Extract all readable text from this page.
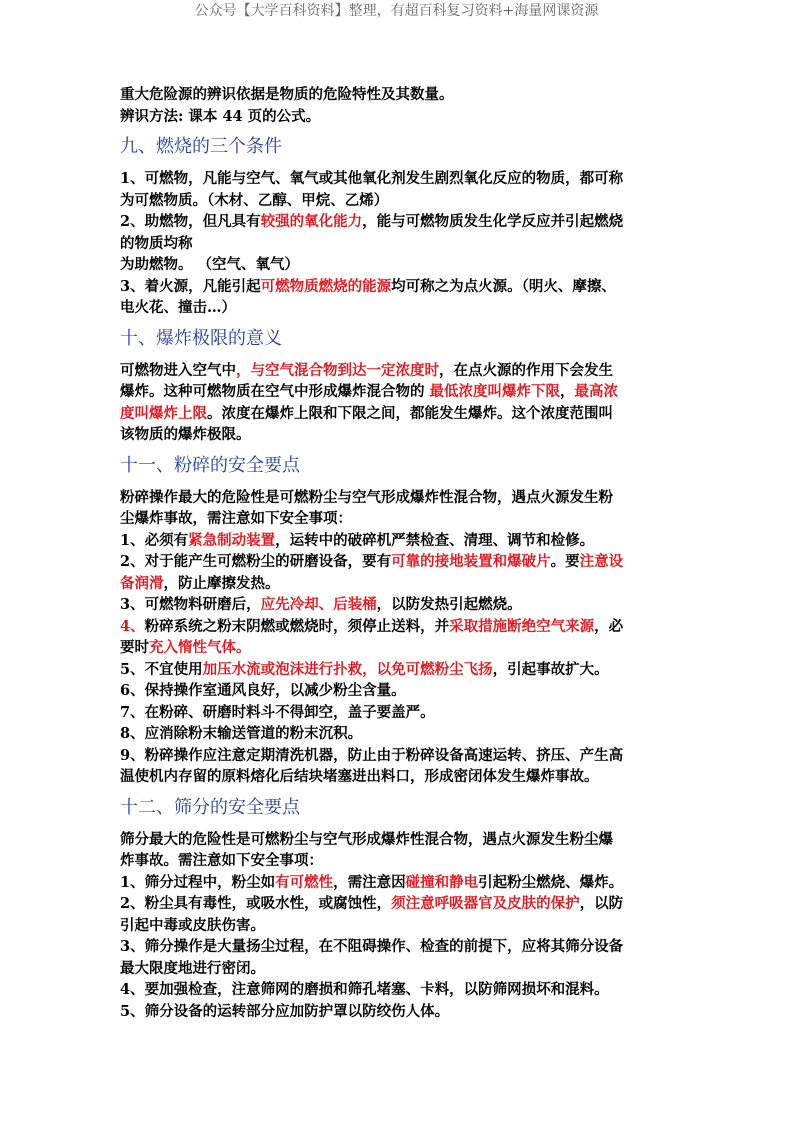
公众号【大学百科资料】整理，有超百科复习资料+海量网课资源
重大危险源的辨识依据是物质的危险特性及其数量。
辨识方法: 课本 44 页的公式。
九、燃烧的三个条件
1、可燃物，凡能与空气、氧气或其他氧化剂发生剧烈氧化反应的物质，都可称
为可燃物质。（木材、乙醇、甲烷、乙烯）
2、助燃物，但凡具有较强的氧化能力，能与可燃物质发生化学反应并引起燃烧
的物质均称
为助燃物。 （空气、氧气）
3、着火源，凡能引起可燃物质燃烧的能源均可称之为点火源。（明火、摩擦、
电火花、撞击…）
十、爆炸极限的意义
可燃物进入空气中，与空气混合物到达一定浓度时，在点火源的作用下会发生
爆炸。这种可燃物质在空气中形成爆炸混合物的 最低浓度叫爆炸下限，最高浓
度叫爆炸上限。浓度在爆炸上限和下限之间，都能发生爆炸。这个浓度范围叫
该物质的爆炸极限。
十一、粉碎的安全要点
粉碎操作最大的危险性是可燃粉尘与空气形成爆炸性混合物，遇点火源发生粉
尘爆炸事故，需注意如下安全事项：
1、必须有紧急制动装置，运转中的破碎机严禁检查、清理、调节和检修。
2、对于能产生可燃粉尘的研磨设备，要有可靠的接地装置和爆破片。要注意设
备润滑，防止摩擦发热。
3、可燃物料研磨后，应先冷却、后装桶，以防发热引起燃烧。
4、粉碎系统之粉末阴燃或燃烧时，须停止送料，并采取措施断绝空气来源，必
要时充入惰性气体。
5、不宜使用加压水流或泡沫进行扑救，以免可燃粉尘飞扬，引起事故扩大。
6、保持操作室通风良好，以减少粉尘含量。
7、在粉碎、研磨时料斗不得卸空，盖子要盖严。
8、应消除粉末输送管道的粉末沉积。
9、粉碎操作应注意定期清洗机器，防止由于粉碎设备高速运转、挤压、产生高
温使机内存留的原料熔化后结块堵塞进出料口，形成密闭体发生爆炸事故。
十二、筛分的安全要点
筛分最大的危险性是可燃粉尘与空气形成爆炸性混合物，遇点火源发生粉尘爆
炸事故。需注意如下安全事项：
1、筛分过程中，粉尘如有可燃性，需注意因碰撞和静电引起粉尘燃烧、爆炸。
2、粉尘具有毒性，或吸水性，或腐蚀性，须注意呼吸器官及皮肤的保护，以防
引起中毒或皮肤伤害。
3、筛分操作是大量扬尘过程，在不阻碍操作、检查的前提下，应将其筛分设备
最大限度地进行密闭。
4、要加强检查，注意筛网的磨损和筛孔堵塞、卡料，以防筛网损坏和混料。
5、筛分设备的运转部分应加防护罩以防绞伤人体。
